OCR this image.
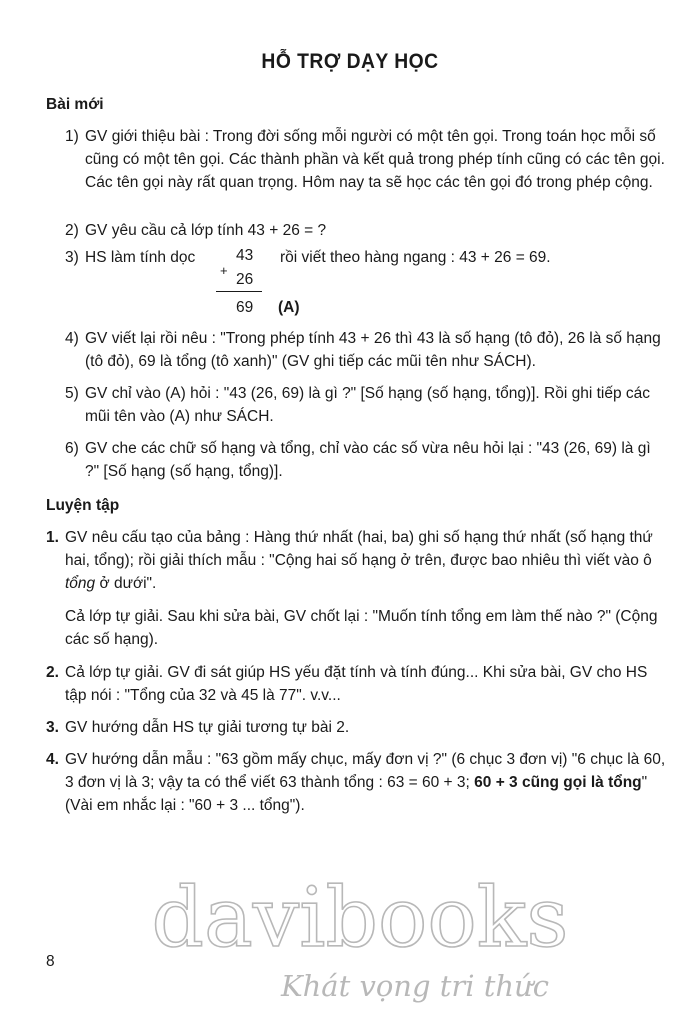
HỖ TRỢ DẠY HỌC
Bài mới
1) GV giới thiệu bài : Trong đời sống mỗi người có một tên gọi. Trong toán học mỗi số cũng có một tên gọi. Các thành phần và kết quả trong phép tính cũng có các tên gọi. Các tên gọi này rất quan trọng. Hôm nay ta sẽ học các tên gọi đó trong phép cộng.
2) GV yêu cầu cả lớp tính 43 + 26 = ?
3) HS làm tính dọc
+
43
26
69 (A)
rồi viết theo hàng ngang : 43 + 26 = 69.
4) GV viết lại rồi nêu : "Trong phép tính 43 + 26 thì 43 là số hạng (tô đỏ), 26 là số hạng (tô đỏ), 69 là tổng (tô xanh)" (GV ghi tiếp các mũi tên như SÁCH).
5) GV chỉ vào (A) hỏi : "43 (26, 69) là gì ?" [Số hạng (số hạng, tổng)]. Rồi ghi tiếp các mũi tên vào (A) như SÁCH.
6) GV che các chữ số hạng và tổng, chỉ vào các số vừa nêu hỏi lại : "43 (26, 69) là gì ?" [Số hạng (số hạng, tổng)].
Luyện tập
1. GV nêu cấu tạo của bảng : Hàng thứ nhất (hai, ba) ghi số hạng thứ nhất (số hạng thứ hai, tổng); rồi giải thích mẫu : "Cộng hai số hạng ở trên, được bao nhiêu thì viết vào ô tổng ở dưới".
Cả lớp tự giải. Sau khi sửa bài, GV chốt lại : "Muốn tính tổng em làm thế nào ?" (Cộng các số hạng).
2. Cả lớp tự giải. GV đi sát giúp HS yếu đặt tính và tính đúng... Khi sửa bài, GV cho HS tập nói : "Tổng của 32 và 45 là 77". v.v...
3. GV hướng dẫn HS tự giải tương tự bài 2.
4. GV hướng dẫn mẫu : "63 gồm mấy chục, mấy đơn vị ?" (6 chục 3 đơn vị) "6 chục là 60, 3 đơn vị là 3; vậy ta có thể viết 63 thành tổng : 63 = 60 + 3; 60 + 3 cũng gọi là tổng" (Vài em nhắc lại : "60 + 3 ... tổng").
8 davibooks
Khát vọng tri thức
